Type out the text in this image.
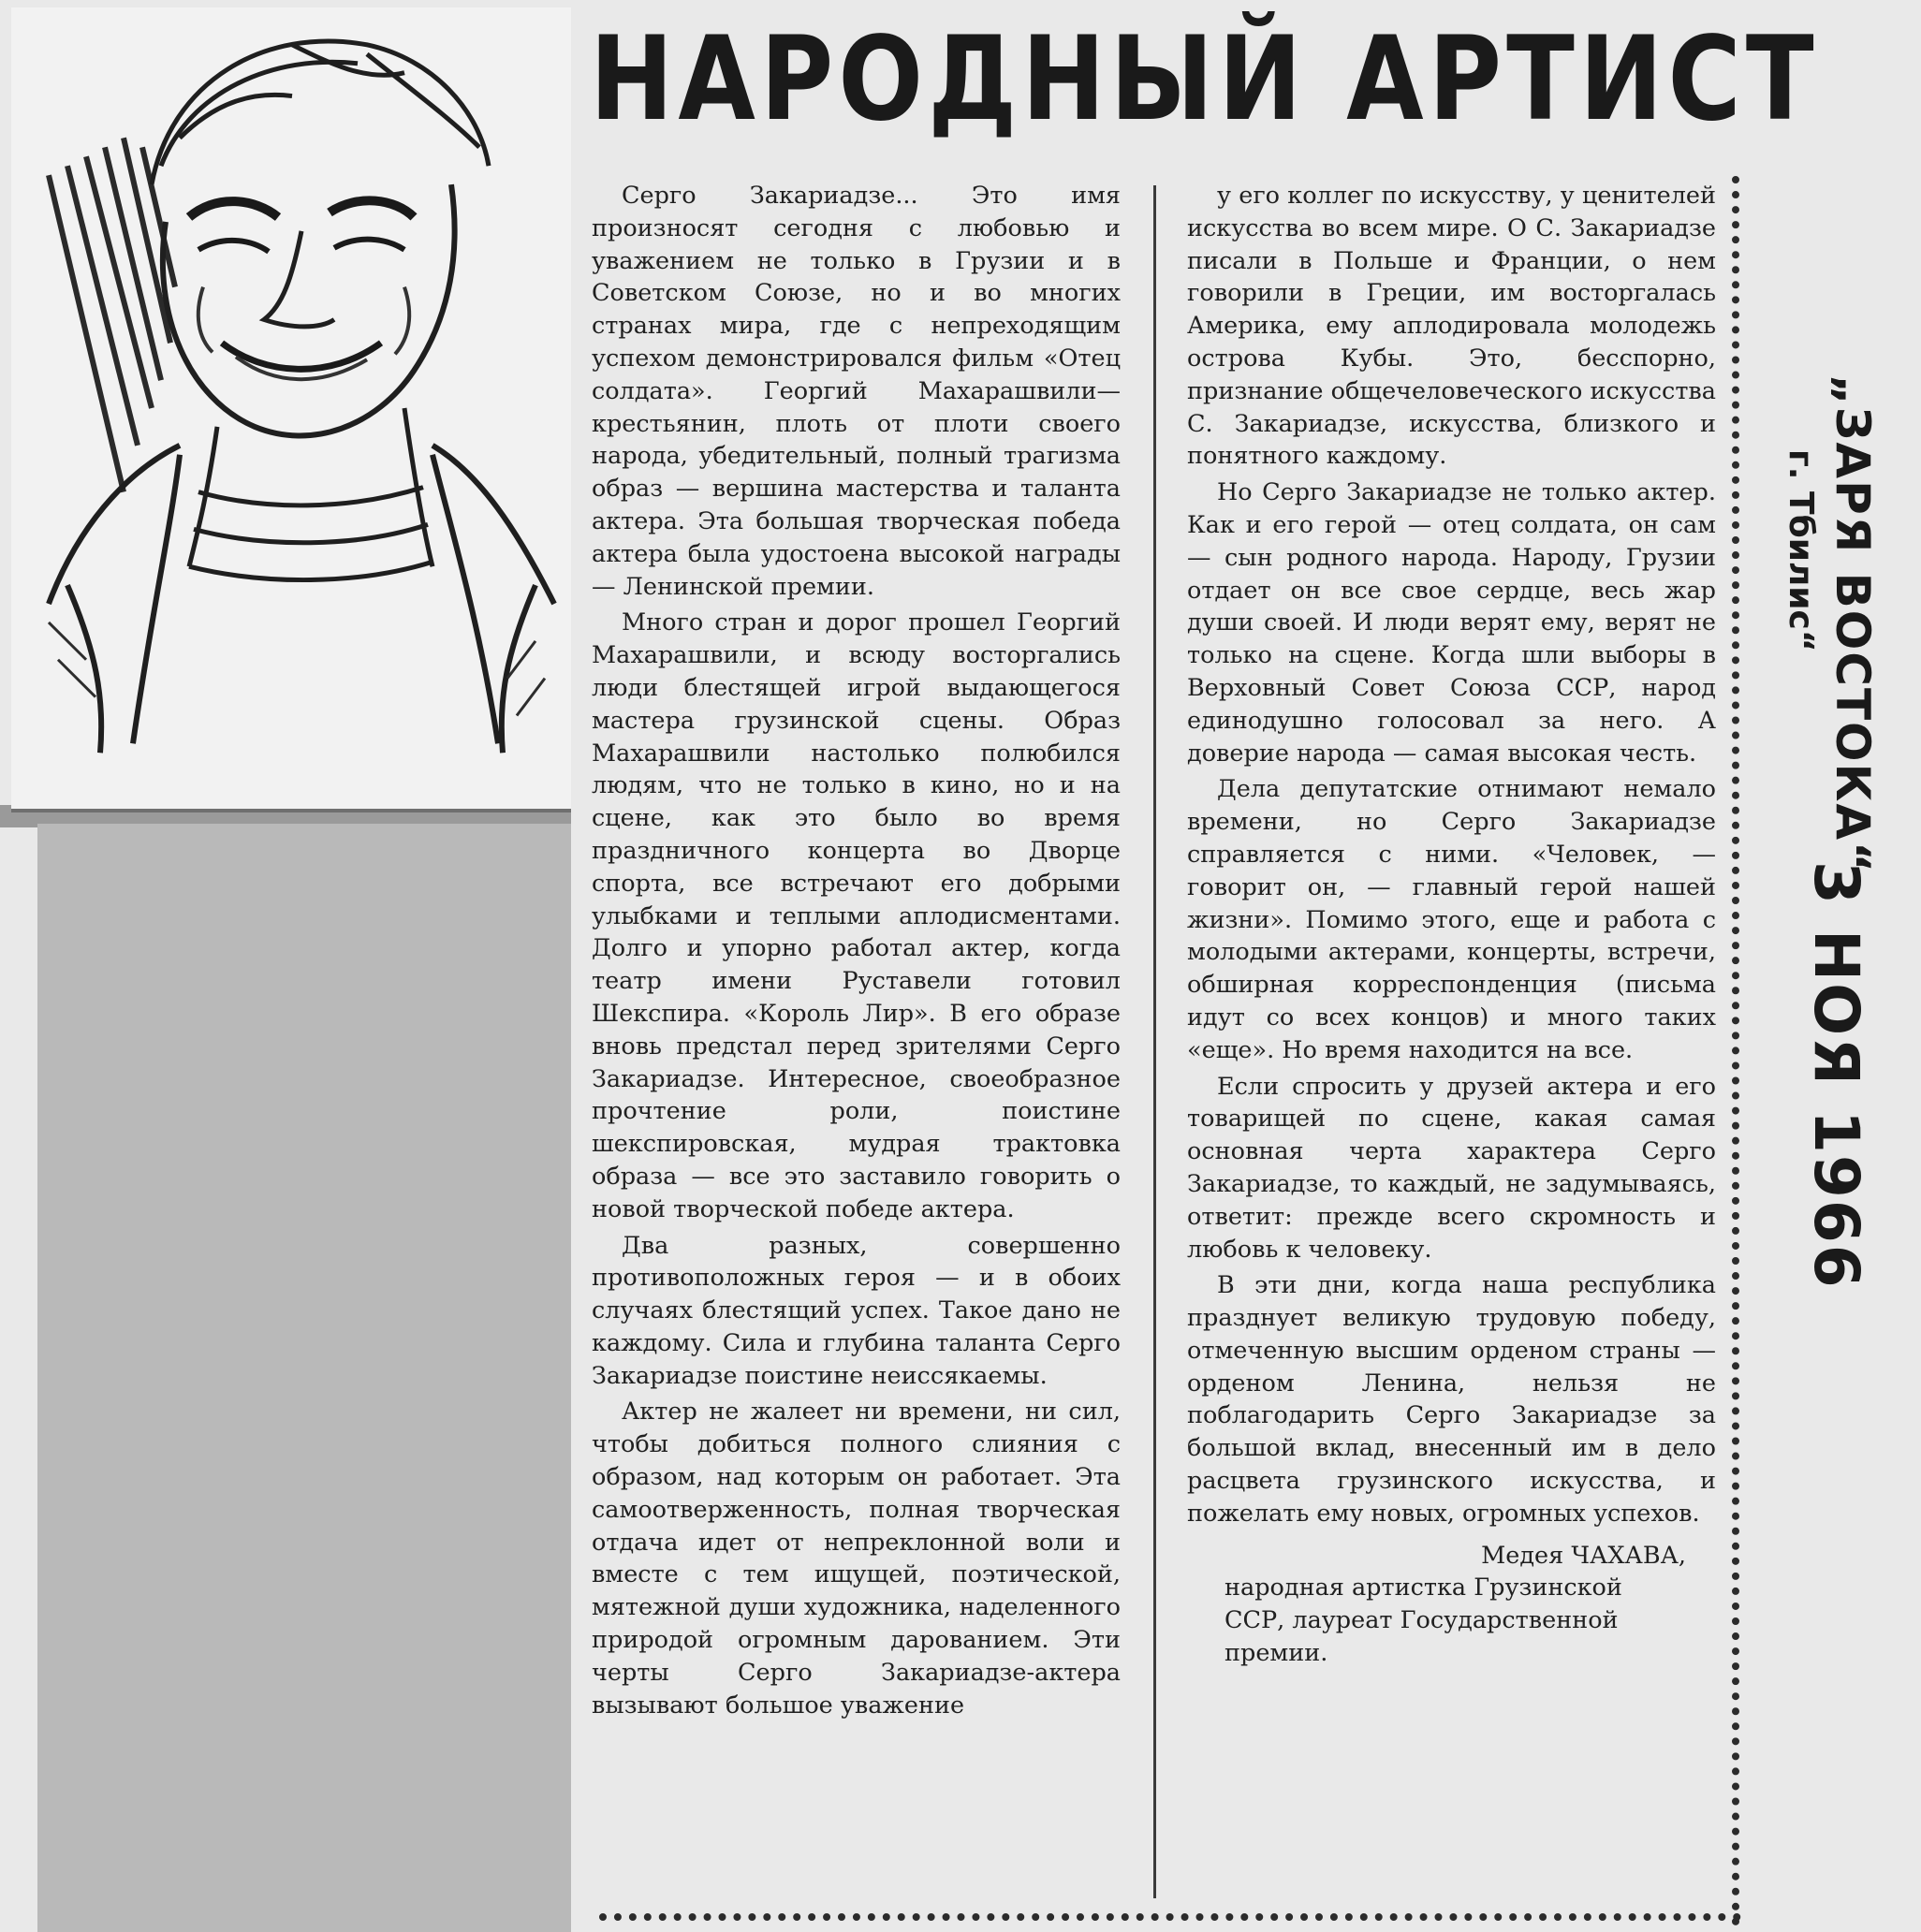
НАРОДНЫЙ АРТИСТ

Серго Закариадзе... Это имя произносят сегодня с любовью и уважением не только в Грузии и в Советском Союзе, но и во многих странах мира, где с непреходящим успехом демонстрировался фильм «Отец солдата». Георгий Махарашвили—крестьянин, плоть от плоти своего народа, убедительный, полный трагизма образ — вершина мастерства и таланта актера. Эта большая творческая победа актера была удостоена высокой награды — Ленинской премии.

Много стран и дорог прошел Георгий Махарашвили, и всюду восторгались люди блестящей игрой выдающегося мастера грузинской сцены. Образ Махарашвили настолько полюбился людям, что не только в кино, но и на сцене, как это было во время праздничного концерта во Дворце спорта, все встречают его добрыми улыбками и теплыми аплодисментами. Долго и упорно работал актер, когда театр имени Руставели готовил Шекспира. «Король Лир». В его образе вновь предстал перед зрителями Серго Закариадзе. Интересное, своеобразное прочтение роли, поистине шекспировская, мудрая трактовка образа — все это заставило говорить о новой творческой победе актера.

Два разных, совершенно противоположных героя — и в обоих случаях блестящий успех. Такое дано не каждому. Сила и глубина таланта Серго Закариадзе поистине неиссякаемы.

Актер не жалеет ни времени, ни сил, чтобы добиться полного слияния с образом, над которым он работает. Эта самоотверженность, полная творческая отдача идет от непреклонной воли и вместе с тем ищущей, поэтической, мятежной души художника, наделенного природой огромным дарованием. Эти черты Серго Закариадзе-актера вызывают большое уважение

у его коллег по искусству, у ценителей искусства во всем мире. О С. Закариадзе писали в Польше и Франции, о нем говорили в Греции, им восторгалась Америка, ему аплодировала молодежь острова Кубы. Это, бесспорно, признание общечеловеческого искусства С. Закариадзе, искусства, близкого и понятного каждому.

Но Серго Закариадзе не только актер. Как и его герой — отец солдата, он сам — сын родного народа. Народу, Грузии отдает он все свое сердце, весь жар души своей. И люди верят ему, верят не только на сцене. Когда шли выборы в Верховный Совет Союза ССР, народ единодушно голосовал за него. А доверие народа — самая высокая честь.

Дела депутатские отнимают немало времени, но Серго Закариадзе справляется с ними. «Человек, — говорит он, — главный герой нашей жизни». Помимо этого, еще и работа с молодыми актерами, концерты, встречи, обширная корреспонденция (письма идут со всех концов) и много таких «еще». Но время находится на все.

Если спросить у друзей актера и его товарищей по сцене, какая самая основная черта характера Серго Закариадзе, то каждый, не задумываясь, ответит: прежде всего скромность и любовь к человеку.

В эти дни, когда наша республика празднует великую трудовую победу, отмеченную высшим орденом страны — орденом Ленина, нельзя не поблагодарить Серго Закариадзе за большой вклад, внесенный им в дело расцвета грузинского искусства, и пожелать ему новых, огромных успехов.

Медея ЧАХАВА,
народная артистка Грузинской ССР, лауреат Государственной премии.
„ЗАРЯ ВОСТОКА“
г. Тбилис“
3 НОЯ 1966
